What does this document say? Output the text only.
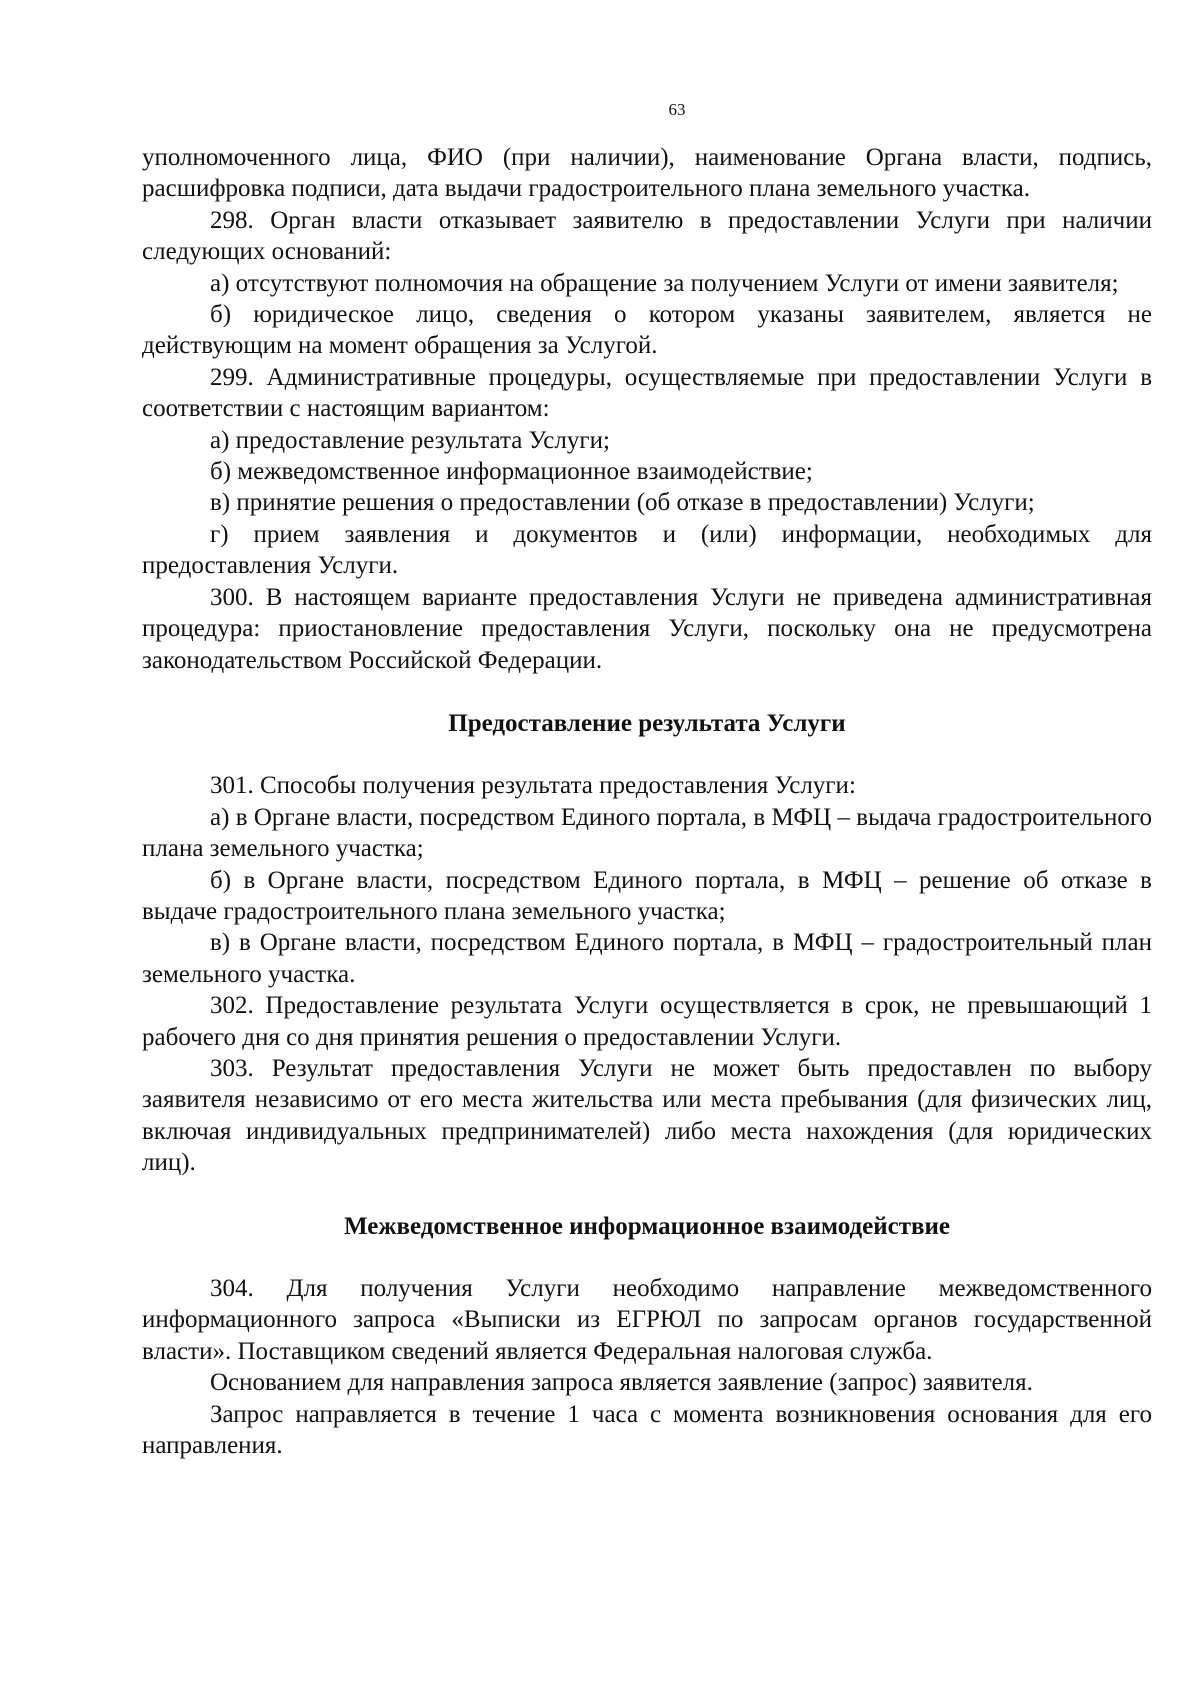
63

уполномоченного лица, ФИО (при наличии), наименование Органа власти, подпись, расшифровка подписи, дата выдачи градостроительного плана земельного участка.

298. Орган власти отказывает заявителю в предоставлении Услуги при наличии следующих оснований:

а) отсутствуют полномочия на обращение за получением Услуги от имени заявителя;

б) юридическое лицо, сведения о котором указаны заявителем, является не действующим на момент обращения за Услугой.

299. Административные процедуры, осуществляемые при предоставлении Услуги в соответствии с настоящим вариантом:

а) предоставление результата Услуги;

б) межведомственное информационное взаимодействие;

в) принятие решения о предоставлении (об отказе в предоставлении) Услуги;

г) прием заявления и документов и (или) информации, необходимых для предоставления Услуги.

300. В настоящем варианте предоставления Услуги не приведена административная процедура: приостановление предоставления Услуги, поскольку она не предусмотрена законодательством Российской Федерации.

Предоставление результата Услуги

301. Способы получения результата предоставления Услуги:

а) в Органе власти, посредством Единого портала, в МФЦ – выдача градостроительного плана земельного участка;

б) в Органе власти, посредством Единого портала, в МФЦ – решение об отказе в выдаче градостроительного плана земельного участка;

в) в Органе власти, посредством Единого портала, в МФЦ – градостроительный план земельного участка.

302. Предоставление результата Услуги осуществляется в срок, не превышающий 1 рабочего дня со дня принятия решения о предоставлении Услуги.

303. Результат предоставления Услуги не может быть предоставлен по выбору заявителя независимо от его места жительства или места пребывания (для физических лиц, включая индивидуальных предпринимателей) либо места нахождения (для юридических лиц).

Межведомственное информационное взаимодействие

304. Для получения Услуги необходимо направление межведомственного информационного запроса «Выписки из ЕГРЮЛ по запросам органов государственной власти». Поставщиком сведений является Федеральная налоговая служба.

Основанием для направления запроса является заявление (запрос) заявителя.

Запрос направляется в течение 1 часа с момента возникновения основания для его направления.
